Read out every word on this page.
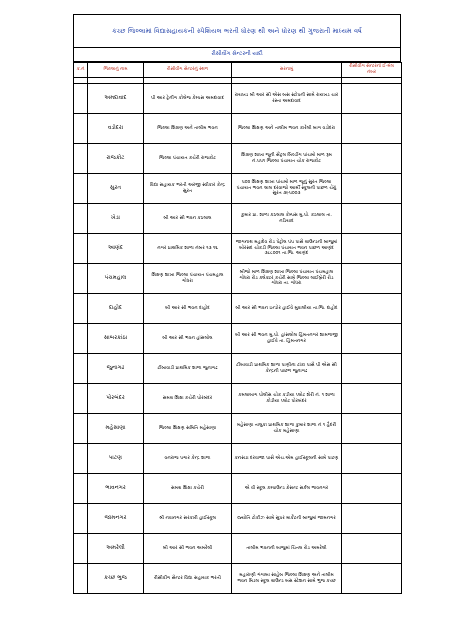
કચ્છ જિલ્લામાં વિદ્યાસહાયકની સ્પેશિયલ ભરતી ધોરણ થી અને ધોરણ થી ગુજરાતી માધ્યમ વર્ષ
રીસીવીંગ સેન્ટરની યાદી
ક્ર.નં	જિલ્લાનું નામ	રીસીવીંગ સેન્ટરનું સ્થળ	સરનામું	રીસીવીંગ સેન્ટરનો ઈ-મેલ નંબર

	અમદાવાદ	પી આર ટ્રેનીંગ કોલેજ કેમ્પસ અમદાવાદ	રાયખડ બી આર સી એસ બસ સ્ટોપની સામે રાયખડ ચાર રસ્તા અમદાવાદ	
	વડોદરા	જિલ્લા શિક્ષણ અને તાલીમ ભવન	જિલ્લા શિક્ષણ અને તાલીમ ભવન કારેલી બાગ વડોદરા	
	રાજકોટ	જિલ્લા પંચાયત કચેરી રાજકોટ	શિક્ષણ શાખા જૂની સેંટ્રલ બિલ્ડીંગ પાંચમો માળ રૂમ નં.૫૫૧ જિલ્લા પંચાયત ચોક રાજકોટ	
	સુરત	વિદ્યા સહાયક ભરતી અરજી સ્વીકાર કેન્દ્ર સુરત	૫૦૨ શિક્ષણ શાખા પાંચમો માળ જૂનું સુરત જિલ્લા પંચાયત ભવન લાલ દરવાજો આર્મી સ્કૂલની પાછળ ચેરાું સુરત ૩૯૫૦૦૩	
	ખેડા	બી આર સી ભવન કઠલાલ	કુમાર પ્રા. શાળા કઠલાલ કેમ્પસ મુ.પો. કઠલાલ તા. નડિયાદ	
	આણંદ	નગર પ્રાથમિક શાળા નંબર ૧૩ ૧૬	જાગનાથ મહાદેવ રોડ પેટ્રોલ પંપ પાસે ગ્રાઉન્ડની બાજુમાં બોરસદ ચોકડી જિલ્લા પંચાયત ભવન પાછળ આણંદ ૩૮૮૦૦૧ તા.જિ. આણંદ	
	પંચમહાલ	શિક્ષણ શાખા જિલ્લા પંચાયત પંચમહાલ ગોધરા	બીજો માળ શિક્ષણ શાખા જિલ્લા પંચાયત પંચમહાલ ગોધરા રોડ ક્લેક્ટર કચેરી સામે જિલ્લા લાઈબ્રેરી રોડ ગોધરા તા. ગોધરા	
	દાહોદ	બી આર સી ભવન દાહોદ	બી આર સી ભવન ઇન્ડોર હાઈવે મુવાલીયા તા.જિ. દાહોદ	
	સાબરકાંઠા	બી આર સી ભવન હાંસલોલ	બી આર સી ભવન મુ.પો. હાંસલોલ હિંમતનગર શામળાજી હાઈવે તા. હિંમતનગર	
	જુનાગઢ	ટીંબાવાડી પ્રાથમિક શાળા જુનાગઢ	ટીંબાવાડી પ્રાથમિક શાળા પાણીના ટાંકા પાસે પી એસ સી કેન્દ્રની પાછળ જુનાગઢ	
	પોરબંદર	સમગ્ર શિક્ષા કચેરી પોરબંદર	કમલાબાગ પોલીસ ચોક કડીયા પ્લોટ શેરી નં. ૧ શાળા કોડીયા પ્લોટ પોરબંદર	
	મહેસાણા	જિલ્લા શિક્ષણ સમિતિ મહેસાણા	મહેસાણા તાલુકા પ્રાથમિક શાળા કુમાર શાળા નં ૧ હૈદરી ચોક મહેસાણા	
	પાટણ	વનરાજ પગાર કેન્દ્ર શાળા	કનસડા દરવાજા પાસે એચ.એમ હાઈસ્કૂલની સામે પાટણ	
	ભાવનગર	સમગ્ર શિક્ષા કચેરી	એ વી સ્કૂલ કમ્પાઉન્ડ ક્રેસન્ટ સર્કલ ભાવનગર	
	જામનગર	શ્રી નવાનગર સરકારી હાઈસ્કૂલ	જ્યોતિ ટોકીઝ સામે સુપર માર્કેટની બાજુમાં જામનગર	
	અમરેલી	બી આર સી ભવન અમરેલી	તાલીમ ભવનની બાજુમાં ચિતલ રોડ અમરેલી	
	કચ્છ ભુજ	રીસીવીંગ સેન્ટર વિદ્યા સહાયક ભરતી	મહારાણી ગંગાબા સાહેબ જિલ્લા શિક્ષણ અને તાલીમ ભવન મિડલ સ્કૂલ ગ્રાઉન્ડ બસ સ્ટેશન સામે ભુજ કચ્છ	
